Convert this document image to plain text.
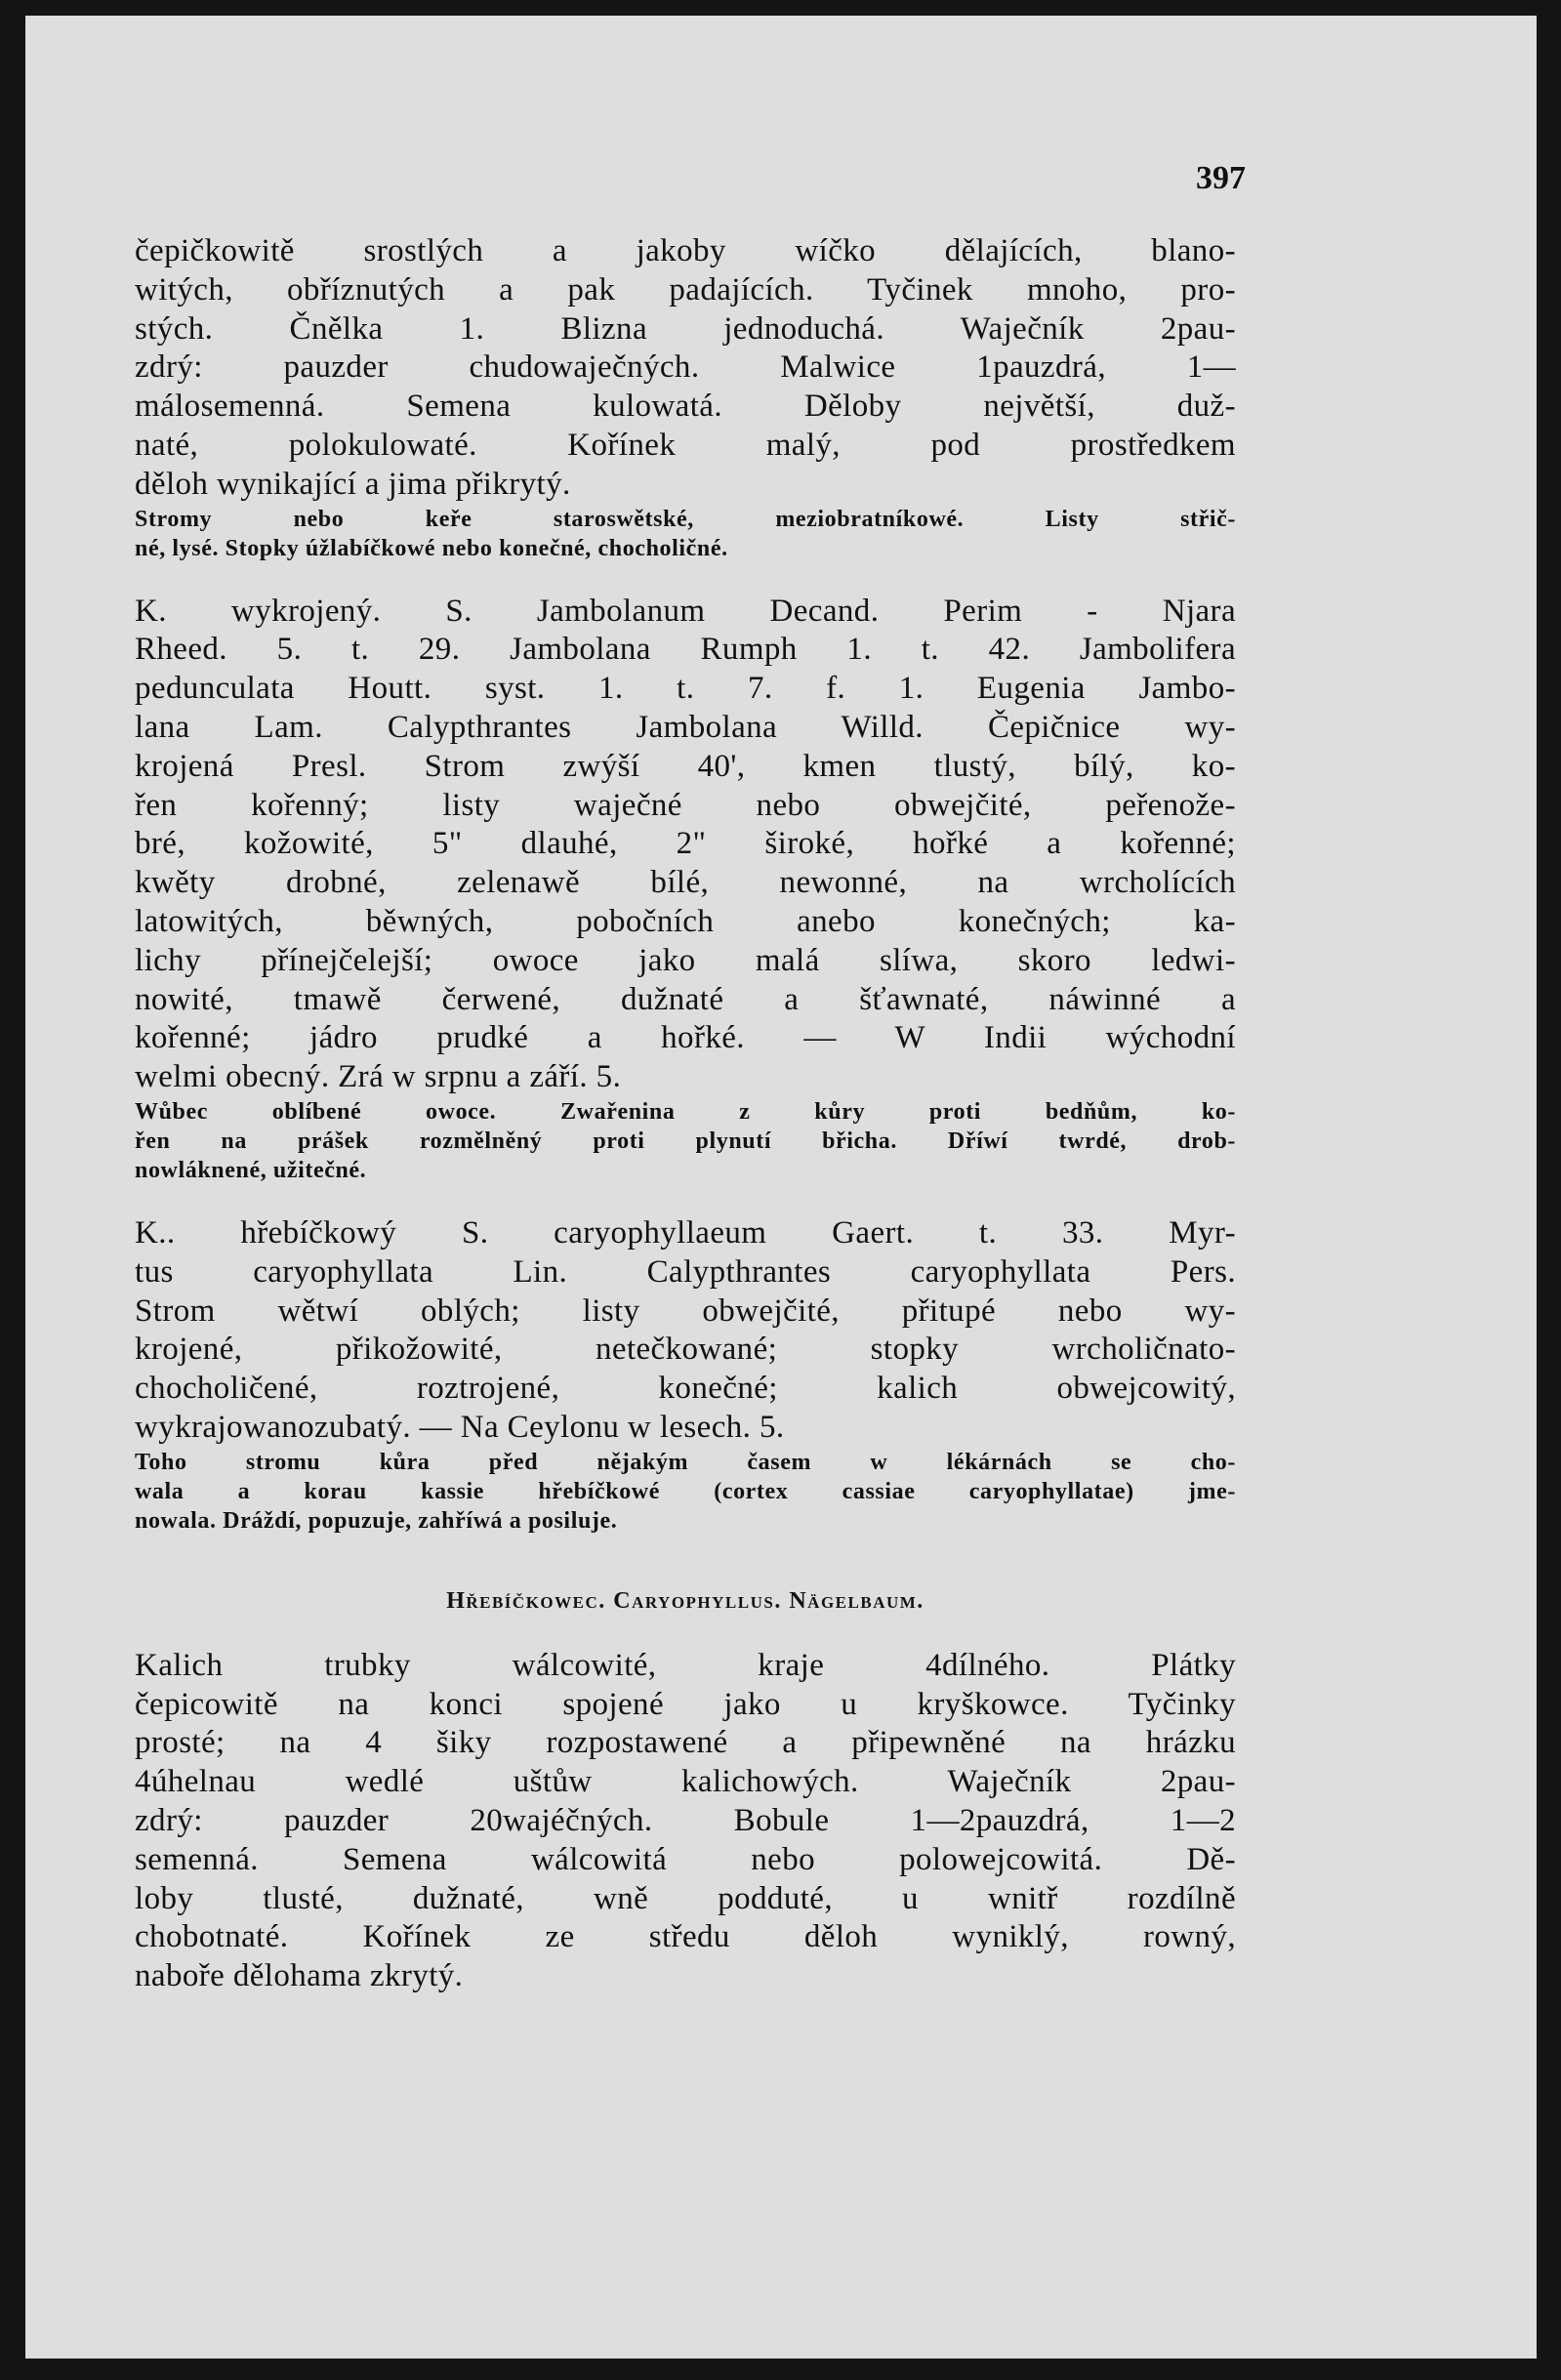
397
čepičkowitě srostlých a jakoby wíčko dělajících, blano-
witých, obříznutých a pak padajících. Tyčinek mnoho, pro-
stých. Čnělka 1. Blizna jednoduchá. Waječník 2pau-
zdrý: pauzder chudowaječných. Malwice 1pauzdrá, 1—
málosemenná. Semena kulowatá. Děloby největší, duž-
naté, polokulowaté. Kořínek malý, pod prostředkem
děloh wynikající a jima přikrytý.
Stromy nebo keře staroswětské, meziobratníkowé. Listy střič-
né, lysé. Stopky úžlabíčkowé nebo konečné, chocholičné.
K. wykrojený. S. Jambolanum Decand. Perim - Njara
Rheed. 5. t. 29. Jambolana Rumph 1. t. 42. Jambolifera
pedunculata Houtt. syst. 1. t. 7. f. 1. Eugenia Jambo-
lana Lam. Calypthrantes Jambolana Willd. Čepičnice wy-
krojená Presl. Strom zwýší 40', kmen tlustý, bílý, ko-
řen kořenný; listy waječné nebo obwejčité, peřenože-
bré, kožowité, 5" dlauhé, 2" široké, hořké a kořenné;
kwěty drobné, zelenawě bílé, newonné, na wrcholících
latowitých, běwných, pobočních anebo konečných; ka-
lichy přínejčelejší; owoce jako malá slíwa, skoro ledwi-
nowité, tmawě čerwené, dužnaté a šťawnaté, náwinné a
kořenné; jádro prudké a hořké. — W Indii wýchodní
welmi obecný. Zrá w srpnu a září. 5.
Wůbec oblíbené owoce. Zwařenina z kůry proti bedňům, ko-
řen na prášek rozmělněný proti plynutí břicha. Dříwí twrdé, drob-
nowláknené, užitečné.
K.. hřebíčkowý S. caryophyllaeum Gaert. t. 33. Myr-
tus caryophyllata Lin. Calypthrantes caryophyllata Pers.
Strom wětwí oblých; listy obwejčité, přitupé nebo wy-
krojené, přikožowité, netečkowané; stopky wrcholičnato-
chocholičené, roztrojené, konečné; kalich obwejcowitý,
wykrajowanozubatý. — Na Ceylonu w lesech. 5.
Toho stromu kůra před nějakým časem w lékárnách se cho-
wala a korau kassie hřebíčkowé (cortex cassiae caryophyllatae) jme-
nowala. Dráždí, popuzuje, zahříwá a posiluje.
Hřebíčkowec. Caryophyllus. Nägelbaum.
Kalich trubky wálcowité, kraje 4dílného. Plátky
čepicowitě na konci spojené jako u kryškowce. Tyčinky
prosté; na 4 šiky rozpostawené a připewněné na hrázku
4úhelnau wedlé uštůw kalichowých. Waječník 2pau-
zdrý: pauzder 20wajéčných. Bobule 1—2pauzdrá, 1—2
semenná. Semena wálcowitá nebo polowejcowitá. Dě-
loby tlusté, dužnaté, wně podduté, u wnitř rozdílně
chobotnaté. Kořínek ze středu děloh wyniklý, rowný,
naboře dělohama zkrytý.
